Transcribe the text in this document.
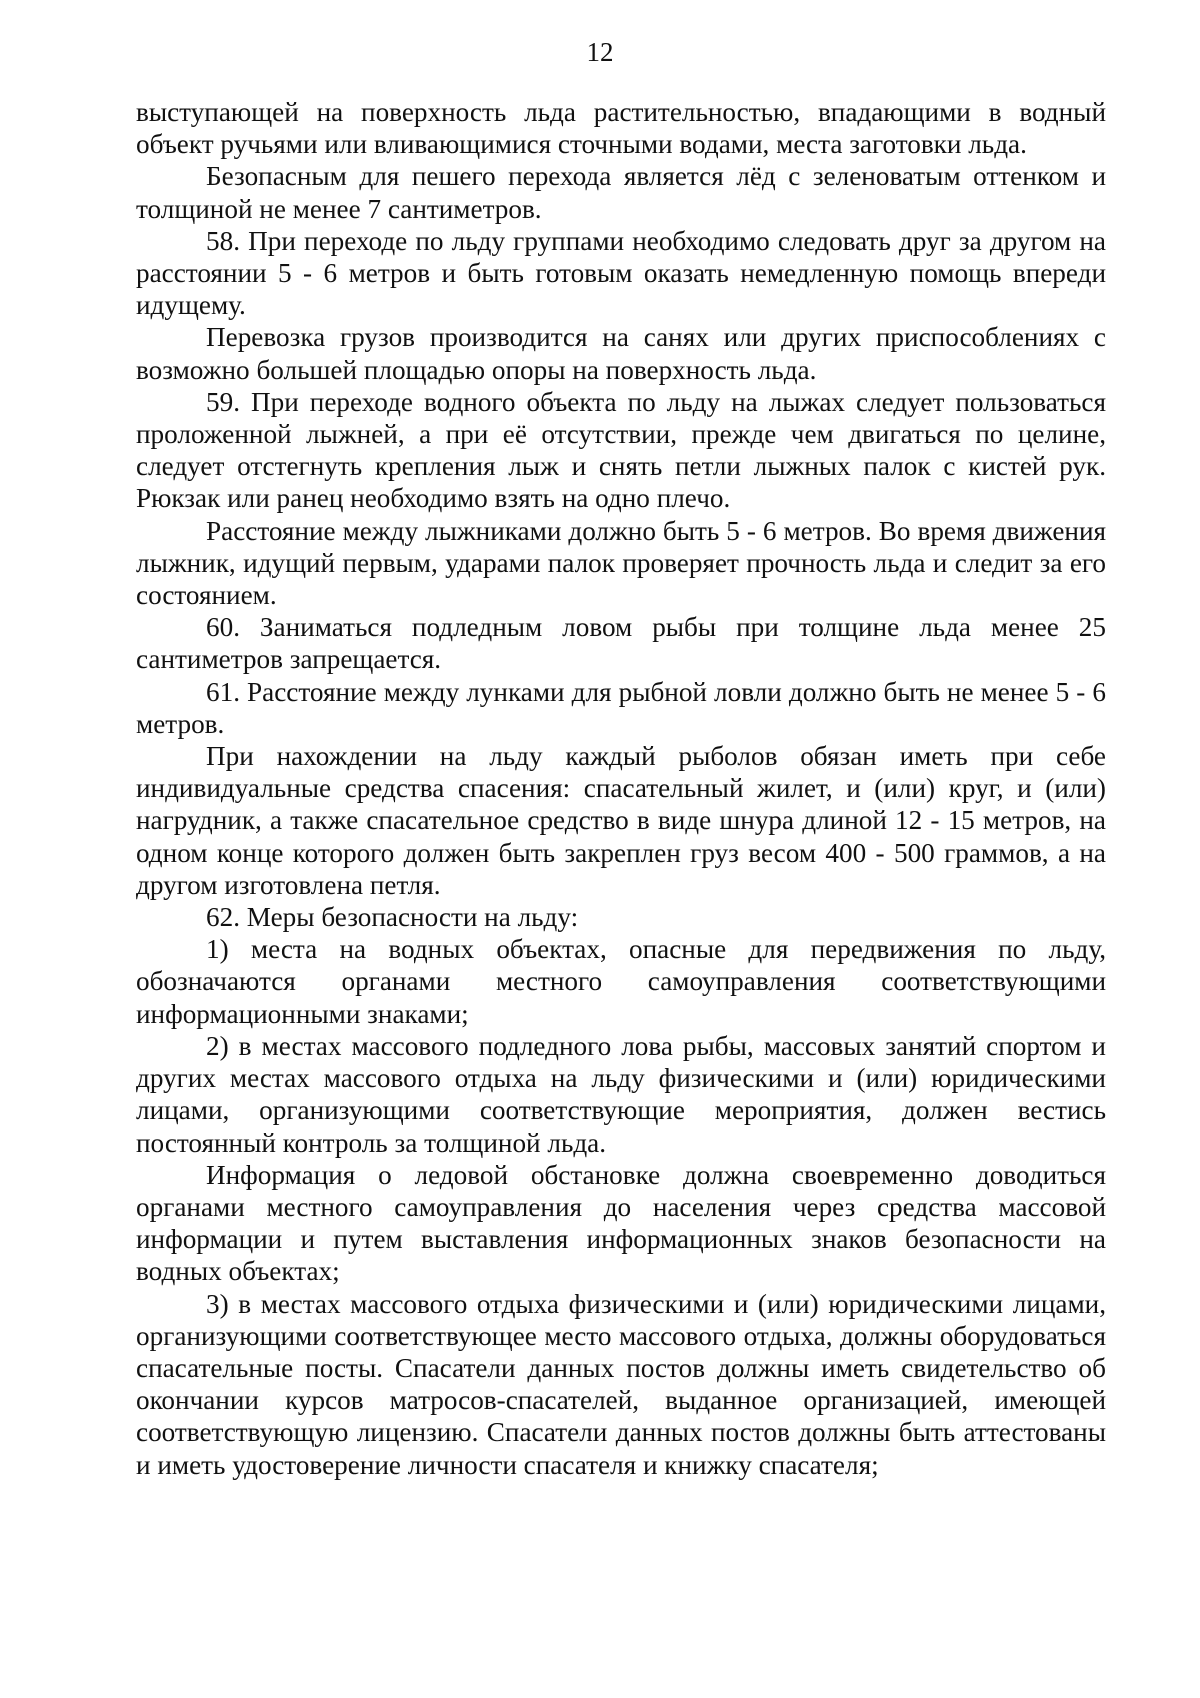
12

выступающей на поверхность льда растительностью, впадающими в водный объект ручьями или вливающимися сточными водами, места заготовки льда.

Безопасным для пешего перехода является лёд с зеленоватым оттенком и толщиной не менее 7 сантиметров.

58. При переходе по льду группами необходимо следовать друг за другом на расстоянии 5 - 6 метров и быть готовым оказать немедленную помощь впереди идущему.

Перевозка грузов производится на санях или других приспособлениях с возможно большей площадью опоры на поверхность льда.

59. При переходе водного объекта по льду на лыжах следует пользоваться проложенной лыжней, а при её отсутствии, прежде чем двигаться по целине, следует отстегнуть крепления лыж и снять петли лыжных палок с кистей рук. Рюкзак или ранец необходимо взять на одно плечо.

Расстояние между лыжниками должно быть 5 - 6 метров. Во время движения лыжник, идущий первым, ударами палок проверяет прочность льда и следит за его состоянием.

60. Заниматься подледным ловом рыбы при толщине льда менее 25 сантиметров запрещается.

61. Расстояние между лунками для рыбной ловли должно быть не менее 5 - 6 метров.

При нахождении на льду каждый рыболов обязан иметь при себе индивидуальные средства спасения: спасательный жилет, и (или) круг, и (или) нагрудник, а также спасательное средство в виде шнура длиной 12 - 15 метров, на одном конце которого должен быть закреплен груз весом 400 - 500 граммов, а на другом изготовлена петля.

62. Меры безопасности на льду:

1) места на водных объектах, опасные для передвижения по льду, обозначаются органами местного самоуправления соответствующими информационными знаками;

2) в местах массового подледного лова рыбы, массовых занятий спортом и других местах массового отдыха на льду физическими и (или) юридическими лицами, организующими соответствующие мероприятия, должен вестись постоянный контроль за толщиной льда.

Информация о ледовой обстановке должна своевременно доводиться органами местного самоуправления до населения через средства массовой информации и путем выставления информационных знаков безопасности на водных объектах;

3) в местах массового отдыха физическими и (или) юридическими лицами, организующими соответствующее место массового отдыха, должны оборудоваться спасательные посты. Спасатели данных постов должны иметь свидетельство об окончании курсов матросов-спасателей, выданное организацией, имеющей соответствующую лицензию. Спасатели данных постов должны быть аттестованы и иметь удостоверение личности спасателя и книжку спасателя;
